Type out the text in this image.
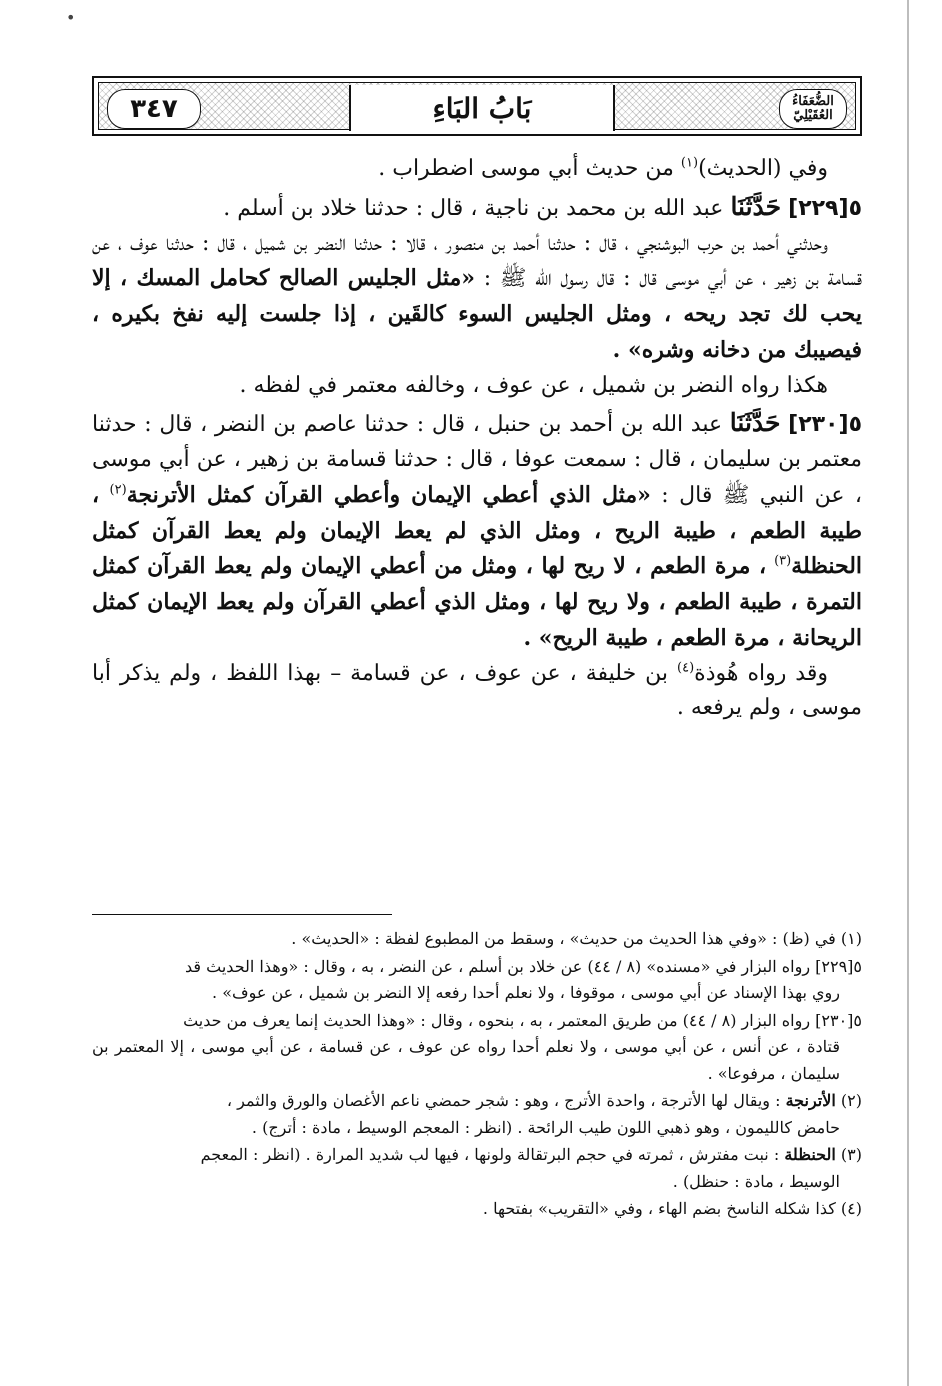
•
٣٤٧	بَابُ البَاءِ	الضُّعَفَاءُ
العُقَيْلِيّ

وفي (الحديث)$^{(١)}$ من حديث أبي موسى اضطراب .

٥[٢٢٩] حَدَّثَنَا عبد الله بن محمد بن ناجية ، قال : حدثنا خلاد بن أسلم .

وحدثني أحمد بن حرب البوشنجي ، قال : حدثنا أحمد بن منصور ، قالا : حدثنا النضر بن شميل ، قال : حدثنا عوف ، عن قسامة بن زهير ، عن أبي موسى قال : قال رسول الله ﷺ : «مثل الجليس الصالح كحامل المسك ، إلا يحب لك تجد ريحه ، ومثل الجليس السوء كالقَين ، إذا جلست إليه نفخ بكيره ، فيصيبك من دخانه وشره» .

هكذا رواه النضر بن شميل ، عن عوف ، وخالفه معتمر في لفظه .

٥[٢٣٠] حَدَّثَنَا عبد الله بن أحمد بن حنبل ، قال : حدثنا عاصم بن النضر ، قال : حدثنا معتمر بن سليمان ، قال : سمعت عوفا ، قال : حدثنا قسامة بن زهير ، عن أبي موسى ، عن النبي ﷺ قال : «مثل الذي أعطي الإيمان وأعطي القرآن كمثل الأترنجة$^{(٢)}$ ، طيبة الطعم ، طيبة الريح ، ومثل الذي لم يعط الإيمان ولم يعط القرآن كمثل الحنظلة$^{(٣)}$ ، مرة الطعم ، لا ريح لها ، ومثل من أعطي الإيمان ولم يعط القرآن كمثل التمرة ، طيبة الطعم ، ولا ريح لها ، ومثل الذي أعطي القرآن ولم يعط الإيمان كمثل الريحانة ، مرة الطعم ، طيبة الريح» .

وقد رواه هُوذة$^{(٤)}$ بن خليفة ، عن عوف ، عن قسامة – بهذا اللفظ ، ولم يذكر أبا موسى ، ولم يرفعه .

(١) في (ظ) : «وفي هذا الحديث من حديث» ، وسقط من المطبوع لفظة : «الحديث» .

٥[٢٢٩] رواه البزار في «مسنده» (٨ / ٤٤) عن خلاد بن أسلم ، عن النضر ، به ، وقال : «وهذا الحديث قد
روي بهذا الإسناد عن أبي موسى ، موقوفا ، ولا نعلم أحدا رفعه إلا النضر بن شميل ، عن عوف» .

٥[٢٣٠] رواه البزار (٨ / ٤٤) من طريق المعتمر ، به ، بنحوه ، وقال : «وهذا الحديث إنما يعرف من حديث
قتادة ، عن أنس ، عن أبي موسى ، ولا نعلم أحدا رواه عن عوف ، عن قسامة ، عن أبي موسى ، إلا المعتمر بن سليمان ، مرفوعا» .

(٢) الأترنجة : ويقال لها الأترجة ، واحدة الأترج ، وهو : شجر حمضي ناعم الأغصان والورق والثمر ،
حامض كالليمون ، وهو ذهبي اللون طيب الرائحة . (انظر : المعجم الوسيط ، مادة : أترج) .

(٣) الحنظلة : نبت مفترش ، ثمرته في حجم البرتقالة ولونها ، فيها لب شديد المرارة . (انظر : المعجم
الوسيط ، مادة : حنظل) .

(٤) كذا شكله الناسخ بضم الهاء ، وفي «التقريب» بفتحها .
